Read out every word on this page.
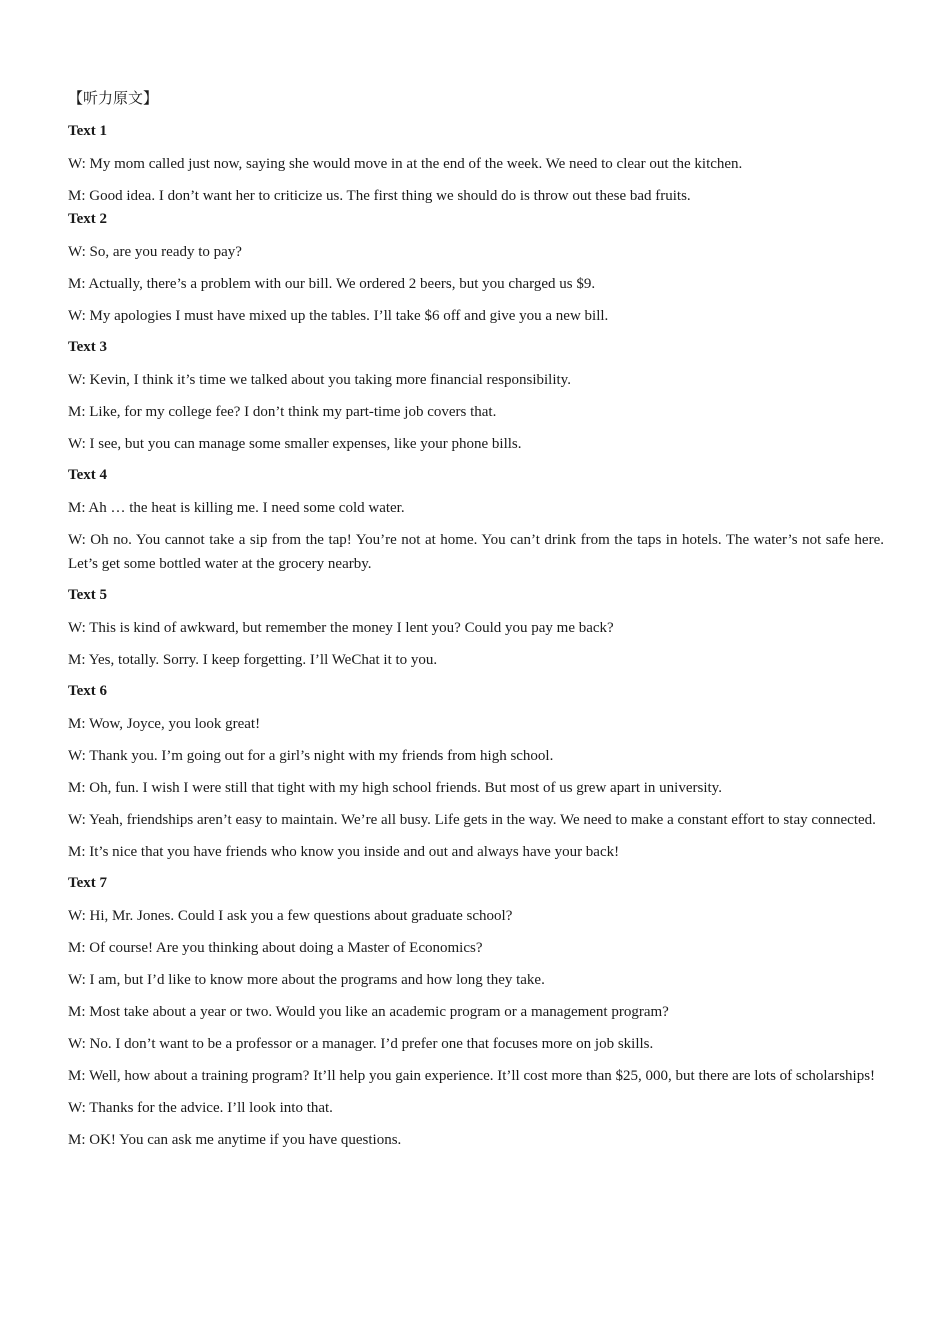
【听力原文】
Text 1
W: My mom called just now, saying she would move in at the end of the week. We need to clear out the kitchen.
M: Good idea. I don’t want her to criticize us. The first thing we should do is throw out these bad fruits.
Text 2
W: So, are you ready to pay?
M: Actually, there’s a problem with our bill. We ordered 2 beers, but you charged us $9.
W: My apologies I must have mixed up the tables. I’ll take $6 off and give you a new bill.
Text 3
W: Kevin, I think it’s time we talked about you taking more financial responsibility.
M: Like, for my college fee? I don’t think my part-time job covers that.
W: I see, but you can manage some smaller expenses, like your phone bills.
Text 4
M: Ah … the heat is killing me. I need some cold water.
W: Oh no. You cannot take a sip from the tap! You’re not at home. You can’t drink from the taps in hotels. The water’s not safe here. Let’s get some bottled water at the grocery nearby.
Text 5
W: This is kind of awkward, but remember the money I lent you? Could you pay me back?
M: Yes, totally. Sorry. I keep forgetting. I’ll WeChat it to you.
Text 6
M: Wow, Joyce, you look great!
W: Thank you. I’m going out for a girl’s night with my friends from high school.
M: Oh, fun. I wish I were still that tight with my high school friends. But most of us grew apart in university.
W: Yeah, friendships aren’t easy to maintain. We’re all busy. Life gets in the way. We need to make a constant effort to stay connected.
M: It’s nice that you have friends who know you inside and out and always have your back!
Text 7
W: Hi, Mr. Jones. Could I ask you a few questions about graduate school?
M: Of course! Are you thinking about doing a Master of Economics?
W: I am, but I’d like to know more about the programs and how long they take.
M: Most take about a year or two. Would you like an academic program or a management program?
W: No. I don’t want to be a professor or a manager. I’d prefer one that focuses more on job skills.
M: Well, how about a training program? It’ll help you gain experience. It’ll cost more than $25, 000, but there are lots of scholarships!
W: Thanks for the advice. I’ll look into that.
M: OK! You can ask me anytime if you have questions.
